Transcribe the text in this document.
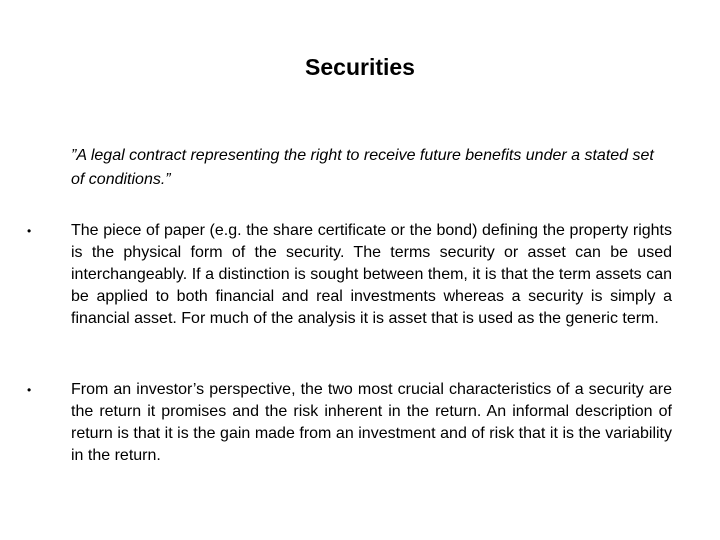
Securities
”A legal contract representing the right to receive future benefits under a stated set of conditions.”
• The piece of paper (e.g. the share certificate or the bond) defining the property rights is the physical form of the security. The terms security or asset can be used interchangeably. If a distinction is sought between them, it is that the term assets can be applied to both financial and real investments whereas a security is simply a financial asset. For much of the analysis it is asset that is used as the generic term.
• From an investor’s perspective, the two most crucial characteristics of a security are the return it promises and the risk inherent in the return. An informal description of return is that it is the gain made from an investment and of risk that it is the variability in the return.
